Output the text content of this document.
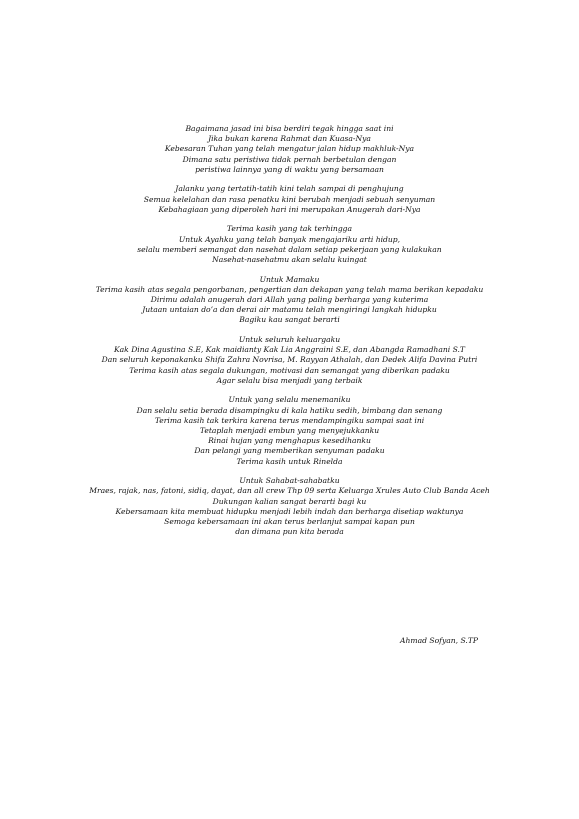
Bagaimana jasad ini bisa berdiri tegak hingga saat ini
Jika bukan karena Rahmat dan Kuasa-Nya
Kebesaran Tuhan yang telah mengatur jalan hidup makhluk-Nya
Dimana satu peristiwa tidak pernah berbetulan dengan
peristiwa lainnya yang di waktu yang bersamaan
Jalanku yang tertatih-tatih kini telah sampai di penghujung
Semua kelelahan dan rasa penatku kini berubah menjadi sebuah senyuman
Kebahagiaan yang diperoleh hari ini merupakan Anugerah dari-Nya
Terima kasih yang tak terhingga
Untuk Ayahku yang telah banyak mengajariku arti hidup,
selalu memberi semangat dan nasehat dalam setiap pekerjaan yang kulakukan
Nasehat-nasehatmu akan selalu kuingat
Untuk Mamaku
Terima kasih atas segala pengorbanan, pengertian dan dekapan yang telah mama berikan kepadaku
Dirimu adalah anugerah dari Allah yang paling berharga yang kuterima
Jutaan untaian do’a dan derai air matamu telah mengiringi langkah hidupku
Bagiku kau sangat berarti
Untuk seluruh keluargaku
Kak Dina Agustina S.E, Kak maidianty Kak Lia Anggraini S.E, dan Abangda Ramadhani S.T
Dan seluruh keponakanku Shifa Zahra Novrisa, M. Rayyan Athalah, dan Dedek Alifa Davina Putri
Terima kasih atas segala dukungan, motivasi dan semangat yang diberikan padaku
Agar selalu bisa menjadi yang terbaik
Untuk yang selalu menemaniku
Dan selalu setia berada disampingku di kala hatiku sedih, bimbang dan senang
Terima kasih tak terkira karena terus mendampingiku sampai saat ini
Tetaplah menjadi embun yang menyejukkanku
Rinai hujan yang menghapus kesedihanku
Dan pelangi yang memberikan senyuman padaku
Terima kasih untuk Rinelda
Untuk Sahabat-sahabatku
Mraes, rajak, nas, fatoni, sidiq, dayat, dan all crew Thp 09 serta Keluarga Xrules Auto Club Banda Aceh
Dukungan kalian sangat berarti bagi ku
Kebersamaan kita membuat hidupku menjadi lebih indah dan berharga disetiap waktunya
Semoga kebersamaan ini akan terus berlanjut sampai kapan pun
dan dimana pun kita berada
Ahmad Sofyan, S.TP
